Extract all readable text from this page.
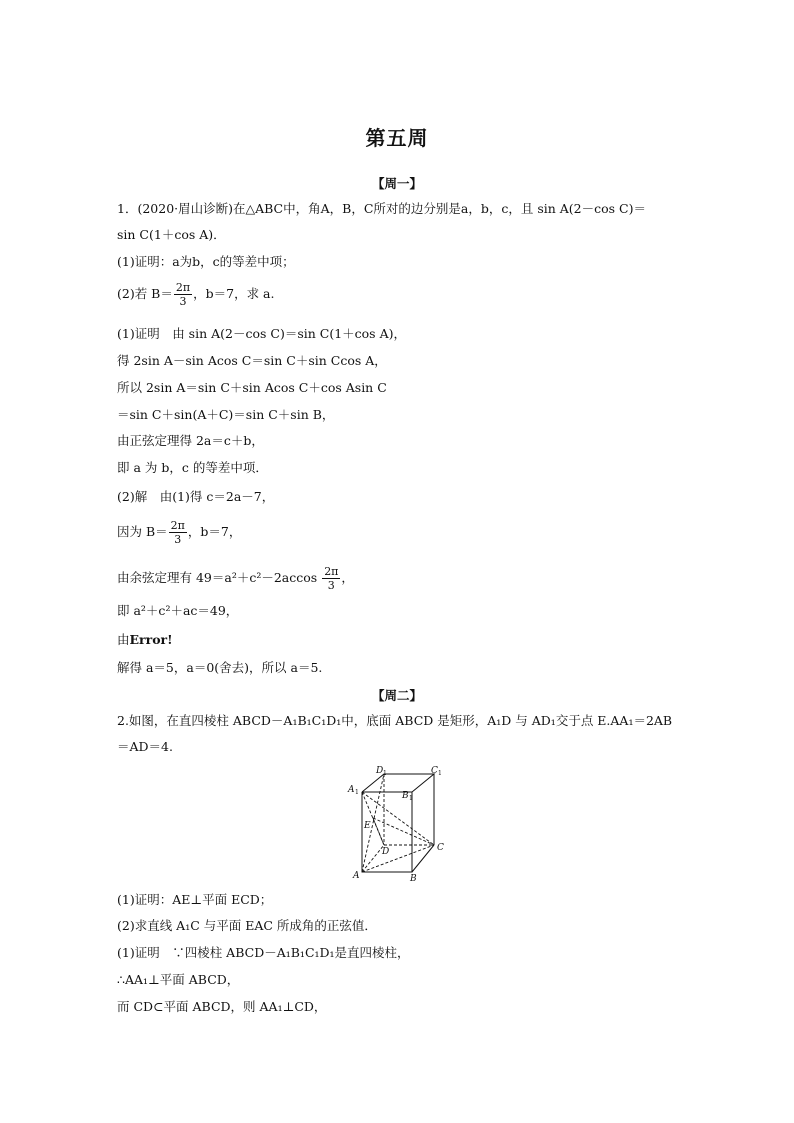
第五周
【周一】
1．(2020·眉山诊断)在△ABC中，角A，B，C所对的边分别是a，b，c，且 sin A(2－cos C)＝
sin C(1＋cos A)．
(1)证明：a为b，c的等差中项；
(2)若 $B= \frac{2\pi}{3}$ ，b＝7，求 a.
(1)证明　由 sin A(2－cos C)＝sin C(1＋cos A)，
得 2sin A－sin Acos C＝sin C＋sin Ccos A，
所以 2sin A＝sin C＋sin Acos C＋cos Asin C
＝sin C＋sin(A＋C)＝sin C＋sin B，
由正弦定理得 2a＝c＋b，
即 a 为 b，c 的等差中项．
(2)解　由(1)得 c＝2a－7，
因为 $B= \frac{2\pi}{3}$ ，b＝7，
由余弦定理有 $49=a^2+c^2-2accos \frac{2\pi}{3}$ ，
即 a²＋c²＋ac＝49，
由Error!
解得 a＝5，a＝0(舍去)，所以 a＝5.
【周二】
2.如图，在直四棱柱 ABCD－A₁B₁C₁D₁中，底面 ABCD 是矩形，A₁D 与 AD₁交于点 E.AA₁＝2AB
＝AD＝4.
D 1	C 1
A 1	B 1
E
D	C
A	B
(1)证明：AE⊥平面 ECD；
(2)求直线 A₁C 与平面 EAC 所成角的正弦值．
(1)证明　∵四棱柱 ABCD－A₁B₁C₁D₁是直四棱柱，
∴AA₁⊥平面 ABCD，
而 CD⊂平面 ABCD，则 AA₁⊥CD，
